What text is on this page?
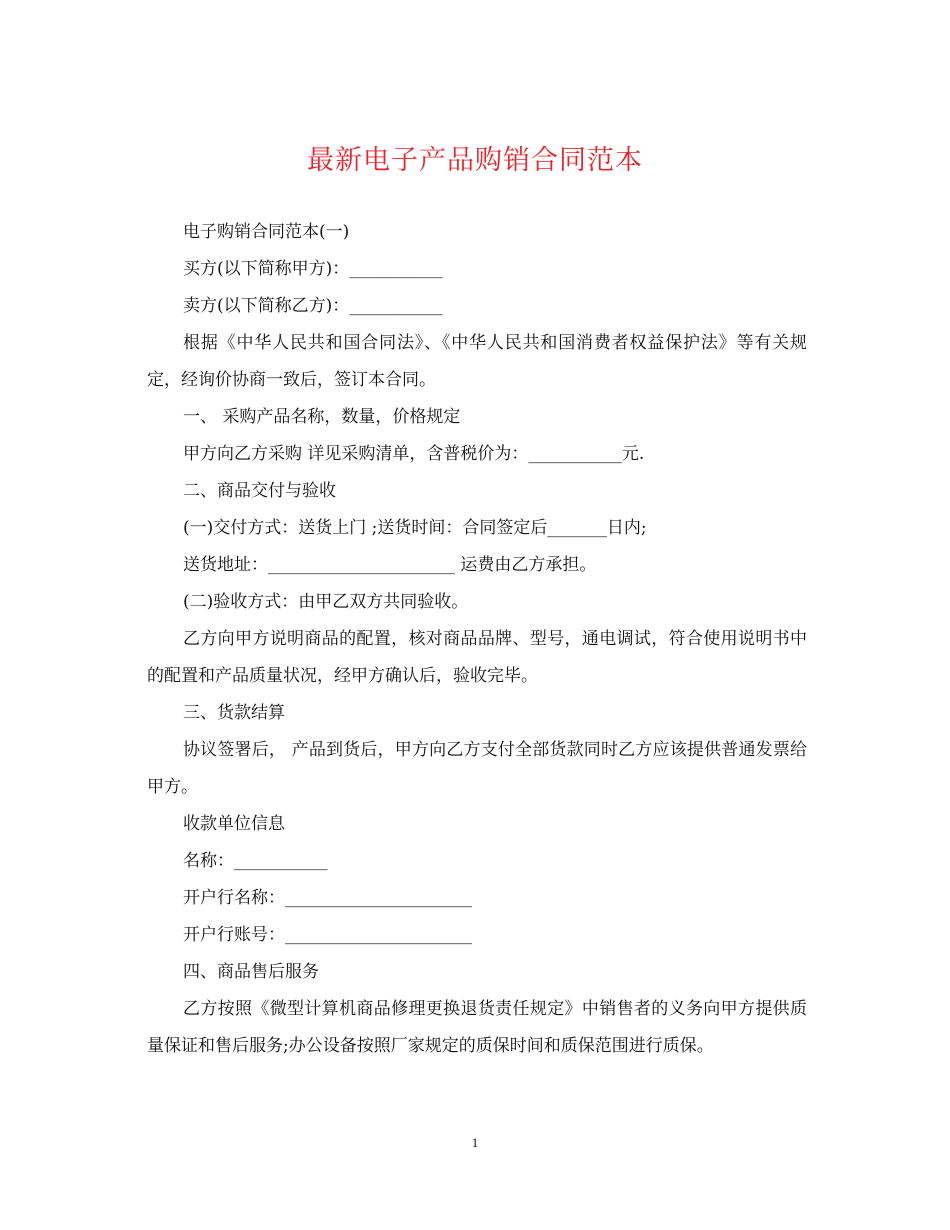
最新电子产品购销合同范本

电子购销合同范本(一)

买方(以下简称甲方)：___________

卖方(以下简称乙方)：___________

根据《中华人民共和国合同法》、《中华人民共和国消费者权益保护法》等有关规定，经询价协商一致后，签订本合同。

一、 采购产品名称，数量，价格规定

甲方向乙方采购 详见采购清单，含普税价为：___________元.

二、商品交付与验收

(一)交付方式：送货上门 ;送货时间：合同签定后_______日内;

送货地址：______________________ 运费由乙方承担。

(二)验收方式：由甲乙双方共同验收。

乙方向甲方说明商品的配置，核对商品品牌、型号，通电调试，符合使用说明书中的配置和产品质量状况，经甲方确认后，验收完毕。

三、货款结算

协议签署后， 产品到货后，甲方向乙方支付全部货款同时乙方应该提供普通发票给甲方。

收款单位信息

名称：___________

开户行名称：______________________

开户行账号：______________________

四、商品售后服务

乙方按照《微型计算机商品修理更换退货责任规定》中销售者的义务向甲方提供质量保证和售后服务;办公设备按照厂家规定的质保时间和质保范围进行质保。

1
